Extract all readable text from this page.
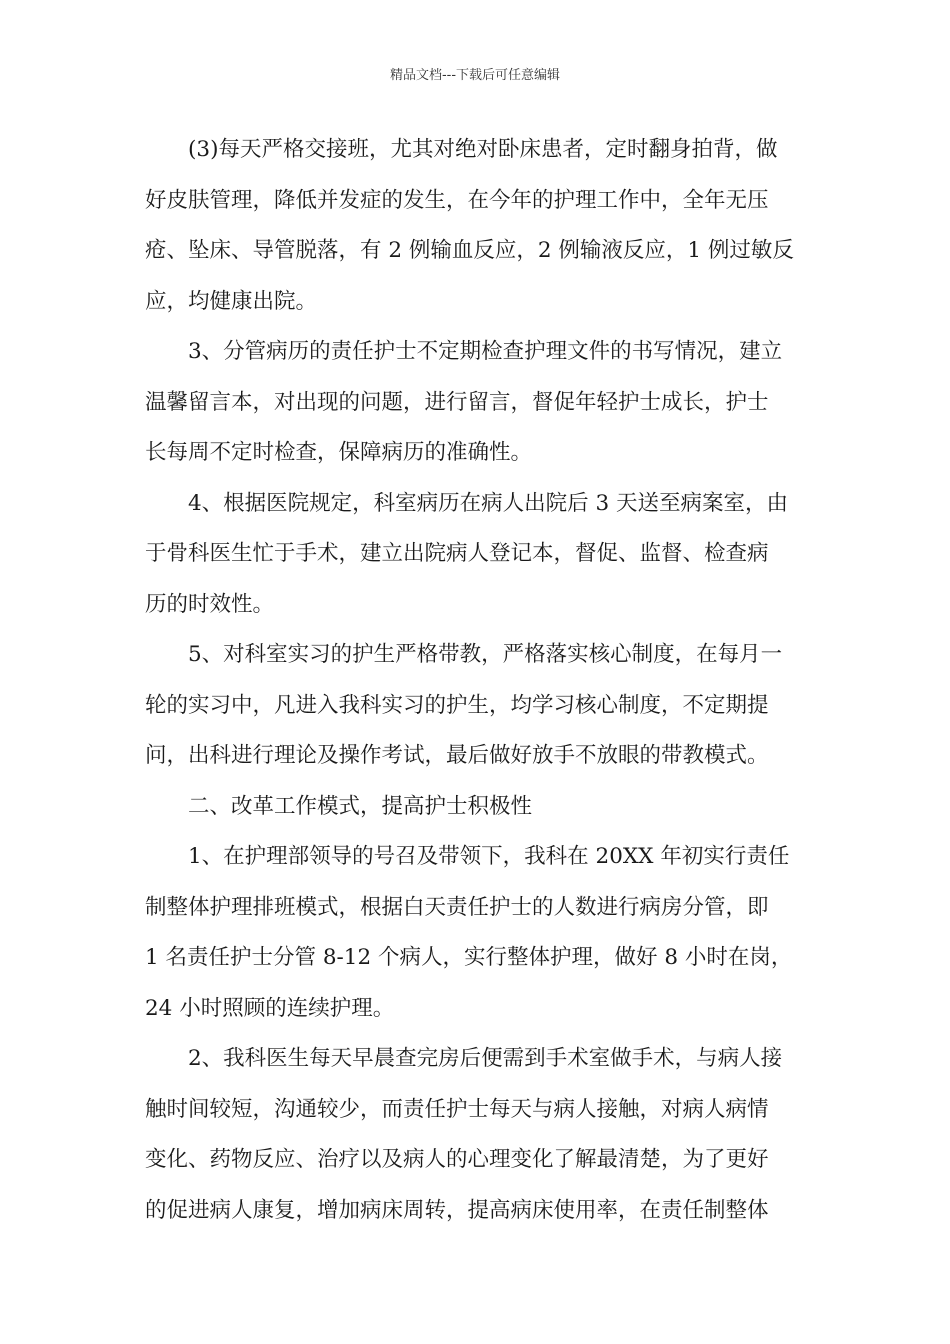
精品文档---下载后可任意编辑
(3)每天严格交接班，尤其对绝对卧床患者，定时翻身拍背，做
好皮肤管理，降低并发症的发生，在今年的护理工作中，全年无压
疮、坠床、导管脱落，有 2 例输血反应，2 例输液反应，1 例过敏反
应，均健康出院。
3、分管病历的责任护士不定期检查护理文件的书写情况，建立
温馨留言本，对出现的问题，进行留言，督促年轻护士成长，护士
长每周不定时检查，保障病历的准确性。
4、根据医院规定，科室病历在病人出院后 3 天送至病案室，由
于骨科医生忙于手术，建立出院病人登记本，督促、监督、检查病
历的时效性。
5、对科室实习的护生严格带教，严格落实核心制度，在每月一
轮的实习中，凡进入我科实习的护生，均学习核心制度，不定期提
问，出科进行理论及操作考试，最后做好放手不放眼的带教模式。
二、改革工作模式，提高护士积极性
1、在护理部领导的号召及带领下，我科在 20XX 年初实行责任
制整体护理排班模式，根据白天责任护士的人数进行病房分管，即
1 名责任护士分管 8-12 个病人，实行整体护理，做好 8 小时在岗，
24 小时照顾的连续护理。
2、我科医生每天早晨查完房后便需到手术室做手术，与病人接
触时间较短，沟通较少，而责任护士每天与病人接触，对病人病情
变化、药物反应、治疗以及病人的心理变化了解最清楚，为了更好
的促进病人康复，增加病床周转，提高病床使用率，在责任制整体
